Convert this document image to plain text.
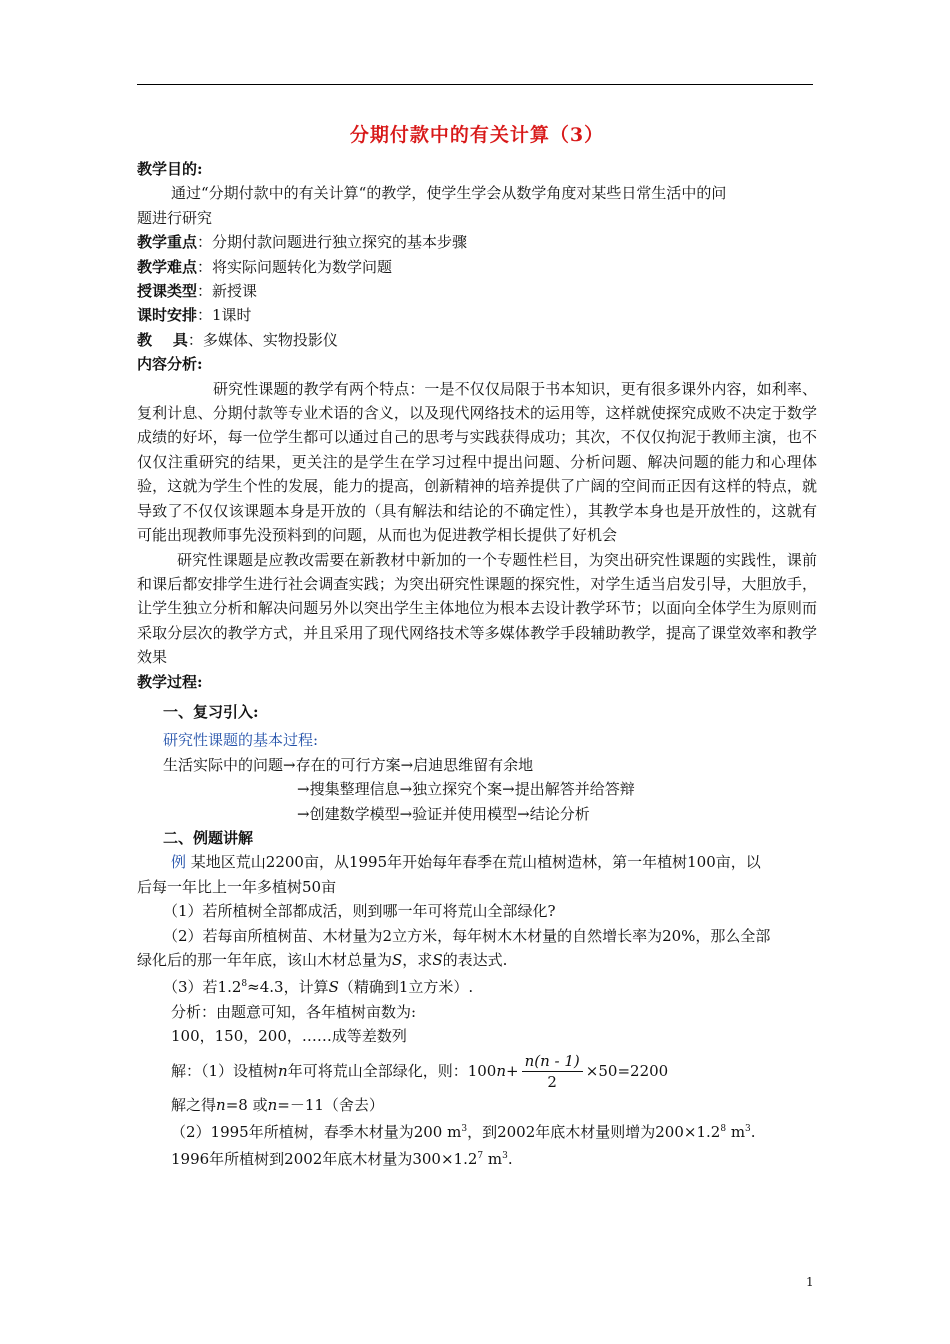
分期付款中的有关计算（3）

教学目的:

通过“分期付款中的有关计算“的教学，使学生学会从数学角度对某些日常生活中的问

题进行研究

教学重点：分期付款问题进行独立探究的基本步骤

教学难点：将实际问题转化为数学问题

授课类型：新授课

课时安排：1课时

教    具：多媒体、实物投影仪

内容分析:

研究性课题的教学有两个特点：一是不仅仅局限于书本知识，更有很多课外内容，如利率、复利计息、分期付款等专业术语的含义，以及现代网络技术的运用等，这样就使探究成败不决定于数学成绩的好坏，每一位学生都可以通过自己的思考与实践获得成功；其次，不仅仅拘泥于教师主演，也不仅仅注重研究的结果，更关注的是学生在学习过程中提出问题、分析问题、解决问题的能力和心理体验，这就为学生个性的发展，能力的提高，创新精神的培养提供了广阔的空间而正因有这样的特点，就导致了不仅仅该课题本身是开放的（具有解法和结论的不确定性），其教学本身也是开放性的，这就有可能出现教师事先没预料到的问题，从而也为促进教学相长提供了好机会

研究性课题是应教改需要在新教材中新加的一个专题性栏目，为突出研究性课题的实践性，课前和课后都安排学生进行社会调查实践；为突出研究性课题的探究性，对学生适当启发引导，大胆放手，让学生独立分析和解决问题另外以突出学生主体地位为根本去设计教学环节；以面向全体学生为原则而采取分层次的教学方式，并且采用了现代网络技术等多媒体教学手段辅助教学，提高了课堂效率和教学效果

教学过程:

一、复习引入:

研究性课题的基本过程:

生活实际中的问题→存在的可行方案→启迪思维留有余地

→搜集整理信息→独立探究个案→提出解答并给答辩

→创建数学模型→验证并使用模型→结论分析

二、例题讲解

例 某地区荒山2200亩，从1995年开始每年春季在荒山植树造林，第一年植树100亩，以

后每一年比上一年多植树50亩

（1）若所植树全部都成活，则到哪一年可将荒山全部绿化?

（2）若每亩所植树苗、木材量为2立方米，每年树木木材量的自然增长率为20%，那么全部

绿化后的那一年年底，该山木材总量为S，求S的表达式.

（3）若$1.2^8\approx 4.3$，计算S（精确到1立方米）.

分析：由题意可知，各年植树亩数为:

100，150，200，……成等差数列

解：（1）设植树n年可将荒山全部绿化，则：$100n+ \frac{n(n - 1)}{2} \times 50=2200$

解之得n=8 或n=－11（舍去）

（2）1995年所植树，春季木材量为200 $m^3$，到2002年底木材量则增为$200\times 1.2^8$ $m^3$.

1996年所植树到2002年底木材量为$300\times 1.2^7$ $m^3$.

1
